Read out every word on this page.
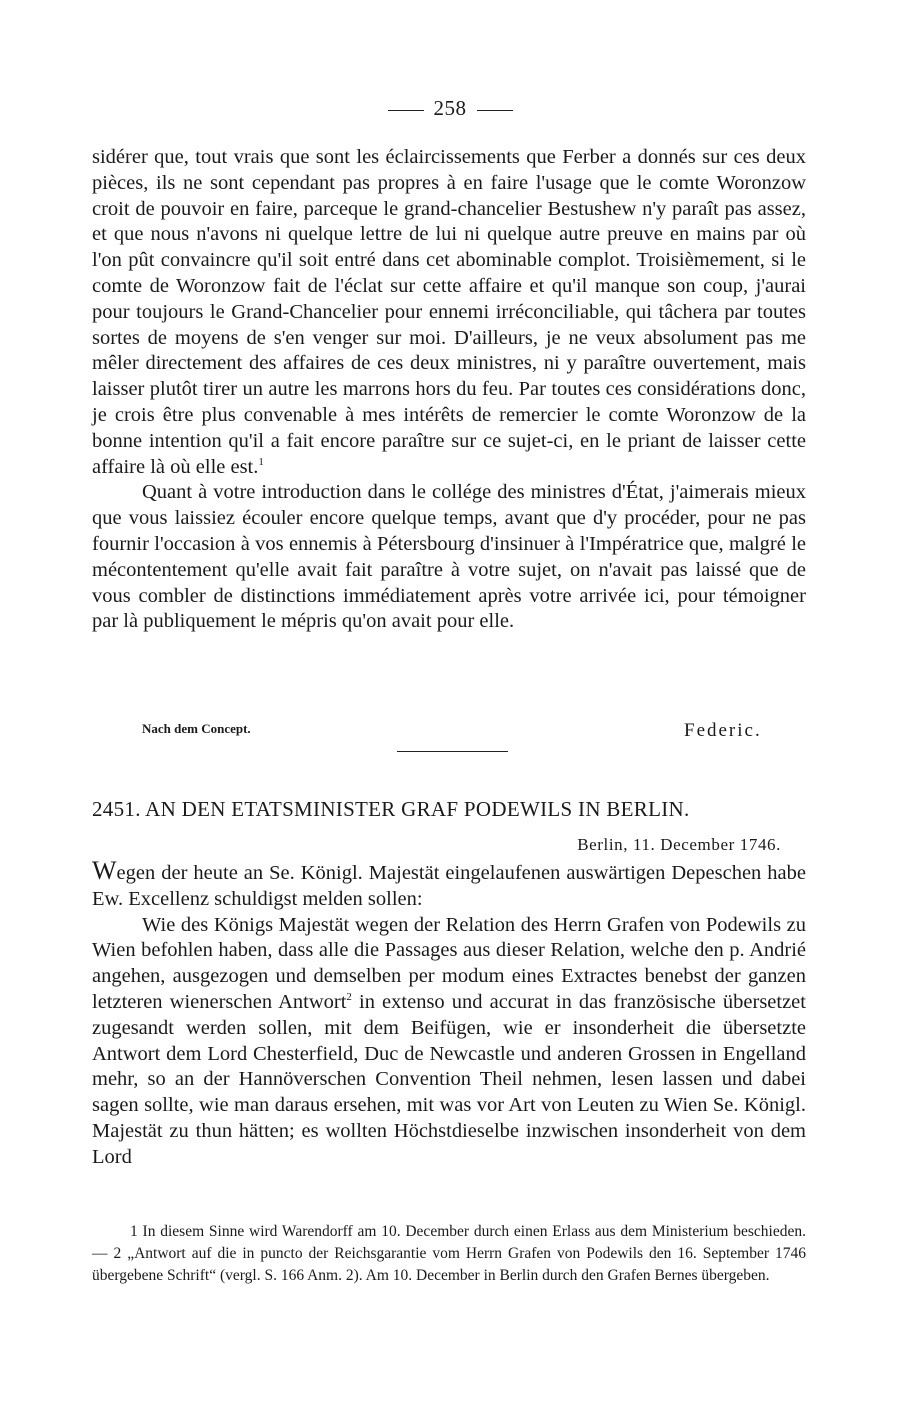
258

sidérer que, tout vrais que sont les éclaircissements que Ferber a donnés sur ces deux pièces, ils ne sont cependant pas propres à en faire l'usage que le comte Woronzow croit de pouvoir en faire, parceque le grand-chancelier Bestushew n'y paraît pas assez, et que nous n'avons ni quelque lettre de lui ni quelque autre preuve en mains par où l'on pût convaincre qu'il soit entré dans cet abominable complot. Troisièmement, si le comte de Woronzow fait de l'éclat sur cette affaire et qu'il manque son coup, j'aurai pour toujours le Grand-Chancelier pour ennemi irréconciliable, qui tâchera par toutes sortes de moyens de s'en venger sur moi. D'ailleurs, je ne veux absolument pas me mêler directement des affaires de ces deux ministres, ni y paraître ouvertement, mais laisser plutôt tirer un autre les marrons hors du feu. Par toutes ces considérations donc, je crois être plus convenable à mes intérêts de remercier le comte Woronzow de la bonne intention qu'il a fait encore paraître sur ce sujet-ci, en le priant de laisser cette affaire là où elle est.$^1$

Quant à votre introduction dans le collége des ministres d'État, j'aimerais mieux que vous laissiez écouler encore quelque temps, avant que d'y procéder, pour ne pas fournir l'occasion à vos ennemis à Pétersbourg d'insinuer à l'Impératrice que, malgré le mécontentement qu'elle avait fait paraître à votre sujet, on n'avait pas laissé que de vous combler de distinctions immédiatement après votre arrivée ici, pour témoigner par là publiquement le mépris qu'on avait pour elle.

Nach dem Concept.	Federic.
2451. AN DEN ETATSMINISTER GRAF PODEWILS IN BERLIN.
Berlin, 11. December 1746.

Wegen der heute an Se. Königl. Majestät eingelaufenen auswärtigen Depeschen habe Ew. Excellenz schuldigst melden sollen:

Wie des Königs Majestät wegen der Relation des Herrn Grafen von Podewils zu Wien befohlen haben, dass alle die Passages aus dieser Relation, welche den p. Andrié angehen, ausgezogen und demselben per modum eines Extractes benebst der ganzen letzteren wienerschen Antwort$^2$ in extenso und accurat in das französische übersetzet zugesandt werden sollen, mit dem Beifügen, wie er insonderheit die übersetzte Antwort dem Lord Chesterfield, Duc de Newcastle und anderen Grossen in Engelland mehr, so an der Hannöverschen Convention Theil nehmen, lesen lassen und dabei sagen sollte, wie man daraus ersehen, mit was vor Art von Leuten zu Wien Se. Königl. Majestät zu thun hätten; es wollten Höchstdieselbe inzwischen insonderheit von dem Lord

1 In diesem Sinne wird Warendorff am 10. December durch einen Erlass aus dem Ministerium beschieden. — 2 „Antwort auf die in puncto der Reichsgarantie vom Herrn Grafen von Podewils den 16. September 1746 übergebene Schrift“ (vergl. S. 166 Anm. 2). Am 10. December in Berlin durch den Grafen Bernes übergeben.
